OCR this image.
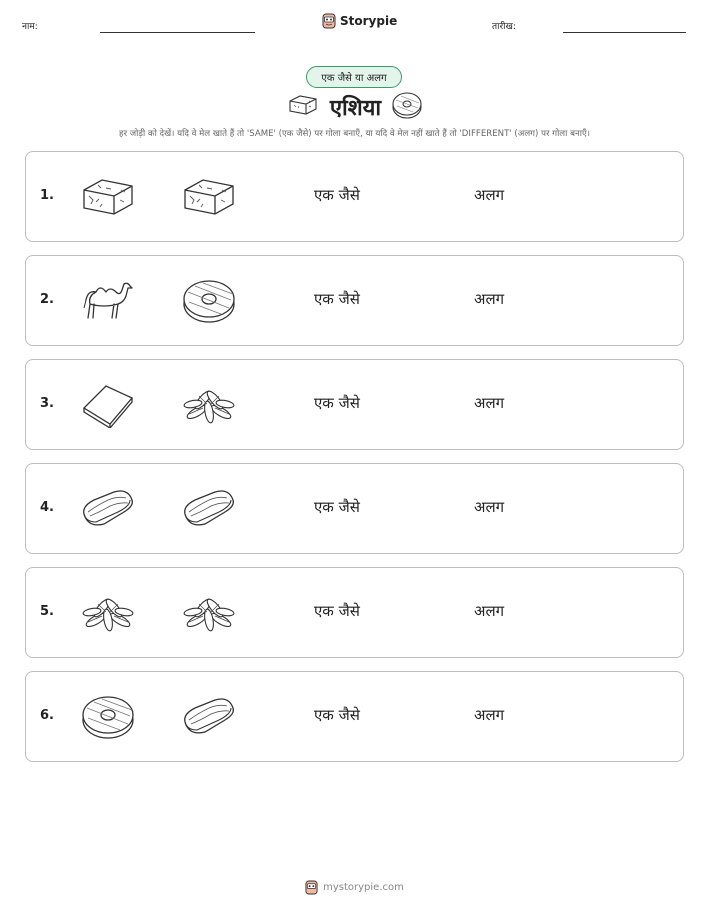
नाम:	Storypie	तारीख:
एक जैसे या अलग
एशिया
हर जोड़ी को देखें। यदि वे मेल खाते हैं तो 'SAME' (एक जैसे) पर गोला बनाएँ, या यदि वे मेल नहीं खाते हैं तो 'DIFFERENT' (अलग) पर गोला बनाएँ।
1.	एक जैसे	अलग
2.	एक जैसे	अलग
3.	एक जैसे	अलग
4.	एक जैसे	अलग
5.	एक जैसे	अलग
6.	एक जैसे	अलग
mystorypie.com
